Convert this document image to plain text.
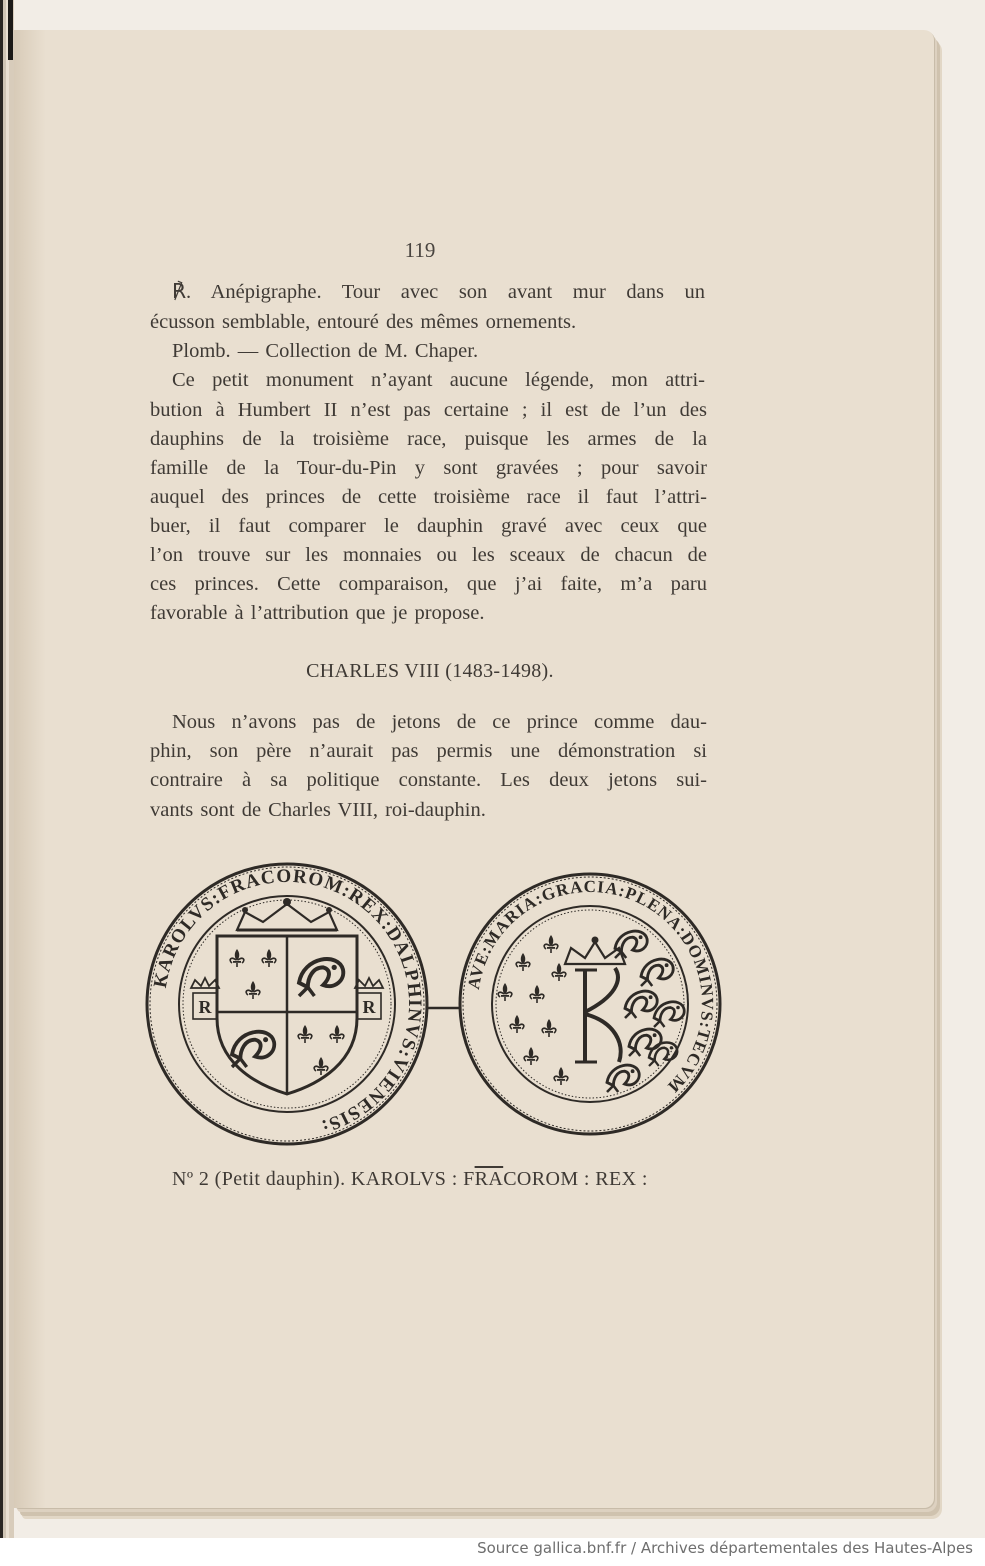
119
℟. Anépigraphe. Tour avec son avant mur dans un
écusson semblable, entouré des mêmes ornements.
Plomb. — Collection de M. Chaper.
Ce petit monument n’ayant aucune légende, mon attri-
bution à Humbert II n’est pas certaine ; il est de l’un des
dauphins de la troisième race, puisque les armes de la
famille de la Tour-du-Pin y sont gravées ; pour savoir
auquel des princes de cette troisième race il faut l’attri-
buer, il faut comparer le dauphin gravé avec ceux que
l’on trouve sur les monnaies ou les sceaux de chacun de
ces princes. Cette comparaison, que j’ai faite, m’a paru
favorable à l’attribution que je propose.
CHARLES VIII (1483-1498).
Nous n’avons pas de jetons de ce prince comme dau-
phin, son père n’aurait pas permis une démonstration si
contraire à sa politique constante. Les deux jetons sui-
vants sont de Charles VIII, roi-dauphin.
KAROLVS:FRACOROM:REX:DALPHINVS:VIENESIS:
R	R
AVE:MARIA:GRACIA:PLENA:DOMINVS:TECVM
Nº 2 (Petit dauphin). KAROLVS : $F\overline{RA}COROM$ : REX :
Source gallica.bnf.fr / Archives départementales des Hautes-Alpes
